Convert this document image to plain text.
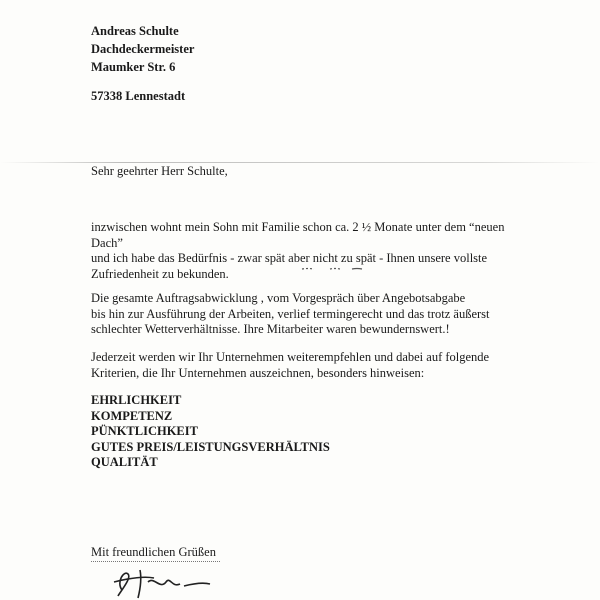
Andreas Schulte
Dachdeckermeister
Maumker Str. 6
57338 Lennestadt
Sehr geehrter Herr Schulte,
inzwischen wohnt mein Sohn mit Familie schon ca. 2 ½ Monate unter dem “neuen
Dach”
und ich habe das Bedürfnis - zwar spät aber nicht zu spät - Ihnen unsere vollste
Zufriedenheit zu bekunden.
Die gesamte Auftragsabwicklung , vom Vorgespräch über Angebotsabgabe
bis hin zur Ausführung der Arbeiten, verlief termingerecht und das trotz äußerst
schlechter Wetterverhältnisse. Ihre Mitarbeiter waren bewundernswert.!
Jederzeit werden wir Ihr Unternehmen weiterempfehlen und dabei auf folgende
Kriterien, die Ihr Unternehmen auszeichnen, besonders hinweisen:
EHRLICHKEIT
KOMPETENZ
PÜNKTLICHKEIT
GUTES PREIS/LEISTUNGSVERHÄLTNIS
QUALITÄT
Mit freundlichen Grüßen
